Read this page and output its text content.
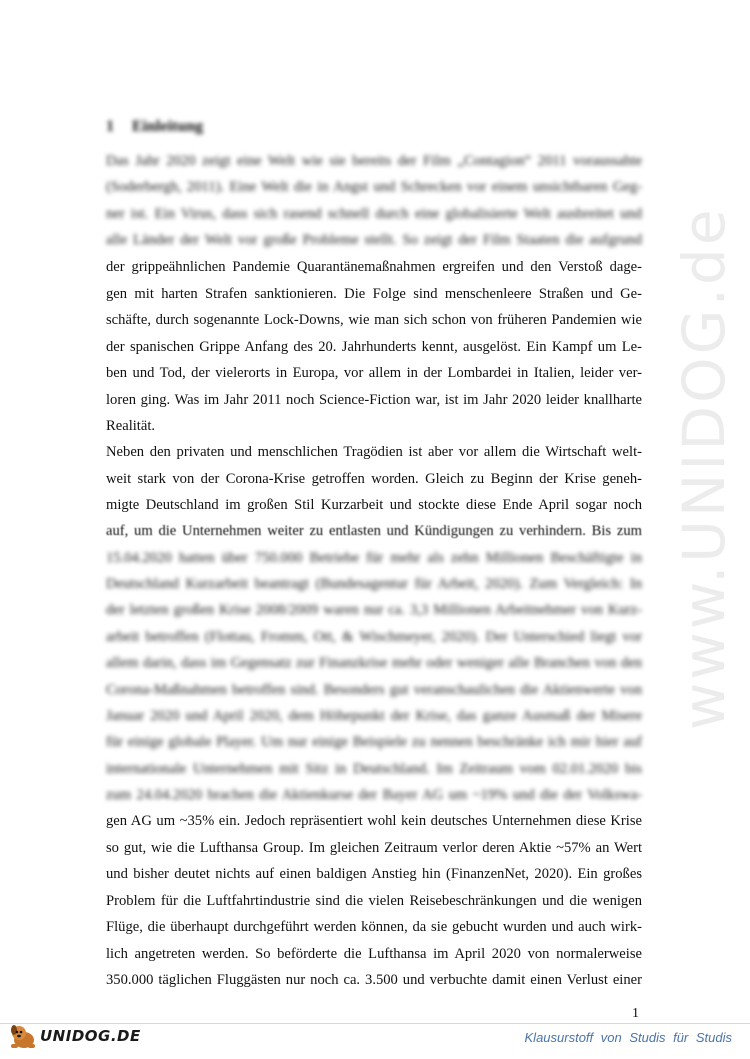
www.UNIDOG.de
1 Einleitung
Das Jahr 2020 zeigt eine Welt wie sie bereits der Film „Contagion“ 2011 voraussahte
(Soderbergh, 2011). Eine Welt die in Angst und Schrecken vor einem unsichtbaren Geg-
ner ist. Ein Virus, dass sich rasend schnell durch eine globalisierte Welt ausbreitet und
alle Länder der Welt vor große Probleme stellt. So zeigt der Film Staaten die aufgrund
der grippeähnlichen Pandemie Quarantänemaßnahmen ergreifen und den Verstoß dage-
gen mit harten Strafen sanktionieren. Die Folge sind menschenleere Straßen und Ge-
schäfte, durch sogenannte Lock-Downs, wie man sich schon von früheren Pandemien wie
der spanischen Grippe Anfang des 20. Jahrhunderts kennt, ausgelöst. Ein Kampf um Le-
ben und Tod, der vielerorts in Europa, vor allem in der Lombardei in Italien, leider ver-
loren ging. Was im Jahr 2011 noch Science-Fiction war, ist im Jahr 2020 leider knallharte
Realität.
Neben den privaten und menschlichen Tragödien ist aber vor allem die Wirtschaft welt-
weit stark von der Corona-Krise getroffen worden. Gleich zu Beginn der Krise geneh-
migte Deutschland im großen Stil Kurzarbeit und stockte diese Ende April sogar noch
auf, um die Unternehmen weiter zu entlasten und Kündigungen zu verhindern. Bis zum
15.04.2020 hatten über 750.000 Betriebe für mehr als zehn Millionen Beschäftigte in
Deutschland Kurzarbeit beantragt (Bundesagentur für Arbeit, 2020). Zum Vergleich: In
der letzten großen Krise 2008/2009 waren nur ca. 3,3 Millionen Arbeitnehmer von Kurz-
arbeit betroffen (Flottau, Fromm, Ott, & Wischmeyer, 2020). Der Unterschied liegt vor
allem darin, dass im Gegensatz zur Finanzkrise mehr oder weniger alle Branchen von den
Corona-Maßnahmen betroffen sind. Besonders gut veranschaulichen die Aktienwerte von
Januar 2020 und April 2020, dem Höhepunkt der Krise, das ganze Ausmaß der Misere
für einige globale Player. Um nur einige Beispiele zu nennen beschränke ich mir hier auf
internationale Unternehmen mit Sitz in Deutschland. Im Zeitraum vom 02.01.2020 bis
zum 24.04.2020 brachen die Aktienkurse der Bayer AG um ~19% und die der Volkswa-
gen AG um ~35% ein. Jedoch repräsentiert wohl kein deutsches Unternehmen diese Krise
so gut, wie die Lufthansa Group. Im gleichen Zeitraum verlor deren Aktie ~57% an Wert
und bisher deutet nichts auf einen baldigen Anstieg hin (FinanzenNet, 2020). Ein großes
Problem für die Luftfahrtindustrie sind die vielen Reisebeschränkungen und die wenigen
Flüge, die überhaupt durchgeführt werden können, da sie gebucht wurden und auch wirk-
lich angetreten werden. So beförderte die Lufthansa im April 2020 von normalerweise
350.000 täglichen Fluggästen nur noch ca. 3.500 und verbuchte damit einen Verlust einer
1
UNIDOG.DE	Klausurstoff von Studis für Studis
